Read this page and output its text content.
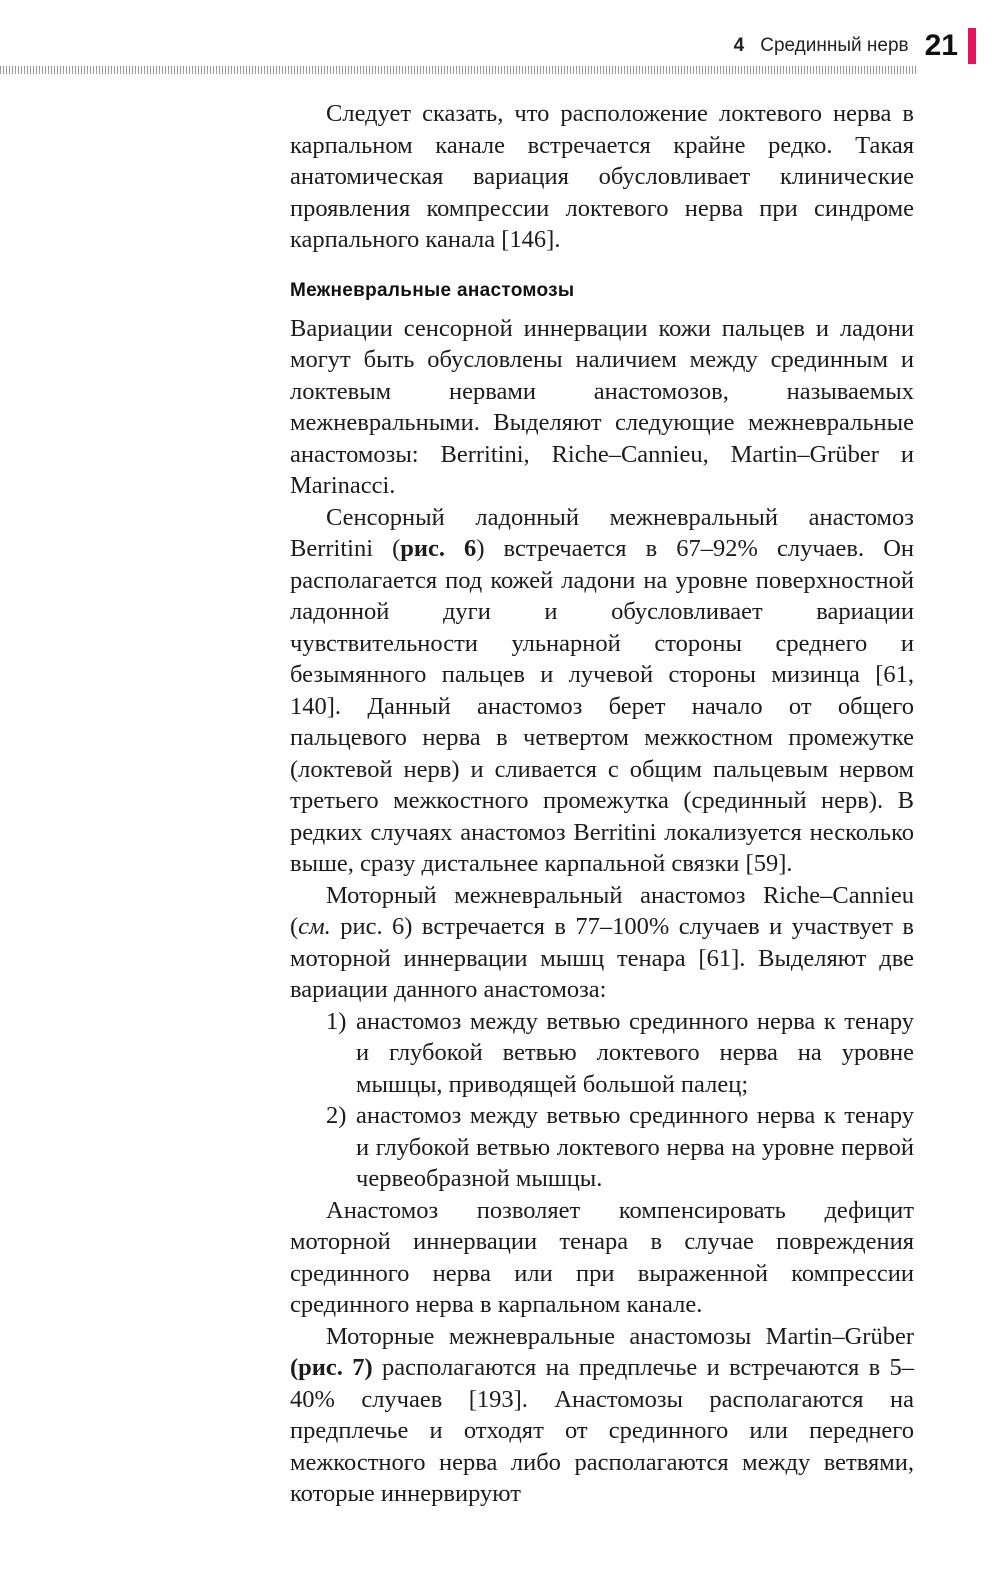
4 Срединный нерв 21

Следует сказать, что расположение локтевого нерва в карпальном канале встречается крайне редко. Такая анатомическая вариация обусловливает клинические проявления компрессии локтевого нерва при синдроме карпального канала [146].

Межневральные анастомозы

Вариации сенсорной иннервации кожи пальцев и ладони могут быть обусловлены наличием между срединным и локтевым нервами анастомозов, называемых межневральными. Выделяют следующие межневральные анастомозы: Berritini, Riche–Cannieu, Martin–Grüber и Marinacci.

Сенсорный ладонный межневральный анастомоз Berritini (рис. 6) встречается в 67–92% случаев. Он располагается под кожей ладони на уровне поверхностной ладонной дуги и обусловливает вариации чувствительности ульнарной стороны среднего и безымянного пальцев и лучевой стороны мизинца [61, 140]. Данный анастомоз берет начало от общего пальцевого нерва в четвертом межкостном промежутке (локтевой нерв) и сливается с общим пальцевым нервом третьего межкостного промежутка (срединный нерв). В редких случаях анастомоз Berritini локализуется несколько выше, сразу дистальнее карпальной связки [59].

Моторный межневральный анастомоз Riche–Cannieu (см. рис. 6) встречается в 77–100% случаев и участвует в моторной иннервации мышц тенара [61]. Выделяют две вариации данного анастомоза:

1) анастомоз между ветвью срединного нерва к тенару и глубокой ветвью локтевого нерва на уровне мышцы, приводящей большой палец;
2) анастомоз между ветвью срединного нерва к тенару и глубокой ветвью локтевого нерва на уровне первой червеобразной мышцы.

Анастомоз позволяет компенсировать дефицит моторной иннервации тенара в случае повреждения срединного нерва или при выраженной компрессии срединного нерва в карпальном канале.

Моторные межневральные анастомозы Martin–Grüber (рис. 7) располагаются на предплечье и встречаются в 5–40% случаев [193]. Анастомозы располагаются на предплечье и отходят от срединного или переднего межкостного нерва либо располагаются между ветвями, которые иннервируют
